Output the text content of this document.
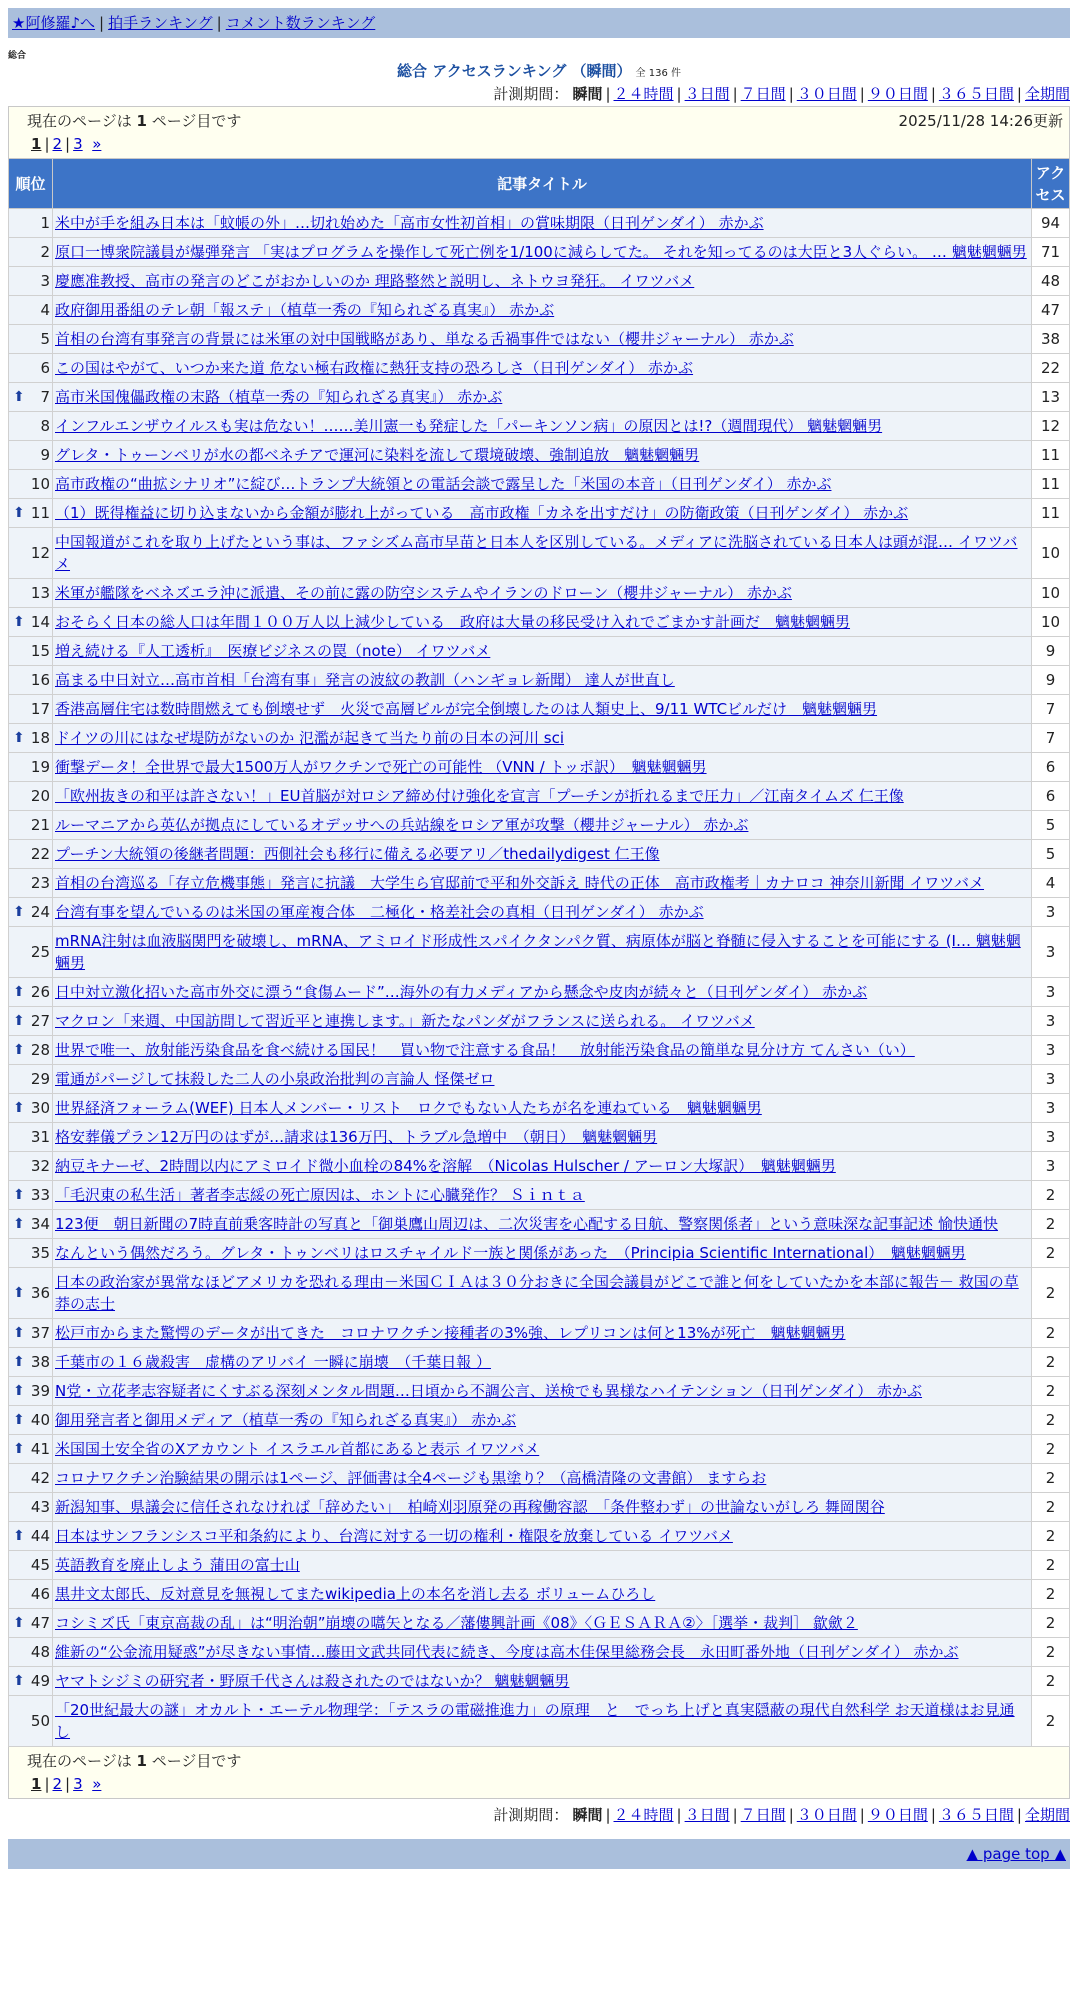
★阿修羅♪へ | 拍手ランキング | コメント数ランキング
総合
総合 アクセスランキング （瞬間） 全 136 件
計測期間： 瞬間 | ２４時間 | ３日間 | ７日間 | ３０日間 | ９０日間 | ３６５日間 | 全期間
現在のページは 1 ページ目です	2025/11/28 14:26更新
1 | 2 | 3 »
順位	記事タイトル	アクセス
1	米中が手を組み日本は「蚊帳の外」…切れ始めた「高市女性初首相」の賞味期限（日刊ゲンダイ） 赤かぶ	94
2	原口一博衆院議員が爆弾発言 「実はプログラムを操作して死亡例を1/100に減らしてた。 それを知ってるのは大臣と3人ぐらい。 … 魑魅魍魎男	71
3	慶應准教授、高市の発言のどこがおかしいのか 理路整然と説明し、ネトウヨ発狂。 イワツバメ	48
4	政府御用番組のテレ朝「報ステ」（植草一秀の『知られざる真実』） 赤かぶ	47
5	首相の台湾有事発言の背景には米軍の対中国戦略があり、単なる舌禍事件ではない（櫻井ジャーナル） 赤かぶ	38
6	この国はやがて、いつか来た道 危ない極右政権に熱狂支持の恐ろしさ（日刊ゲンダイ） 赤かぶ	22

⬆ 7	高市米国傀儡政権の末路（植草一秀の『知られざる真実』） 赤かぶ	13
8	インフルエンザウイルスも実は危ない！……美川憲一も発症した「パーキンソン病」の原因とは!?（週間現代） 魑魅魍魎男	12
9	グレタ・トゥーンベリが水の都ベネチアで運河に染料を流して環境破壊、強制追放　魑魅魍魎男	11
10	高市政権の“曲拡シナリオ”に綻び…トランプ大統領との電話会談で露呈した「米国の本音」（日刊ゲンダイ） 赤かぶ	11

⬆ 11	（1）既得権益に切り込まないから金額が膨れ上がっている　高市政権「カネを出すだけ」の防衛政策（日刊ゲンダイ） 赤かぶ	11
12	中国報道がこれを取り上げたという事は、ファシズム高市早苗と日本人を区別している。メディアに洗脳されている日本人は頭が混… イワツバメ	10
13	米軍が艦隊をベネズエラ沖に派遣、その前に露の防空システムやイランのドローン（櫻井ジャーナル） 赤かぶ	10

⬆ 14	おそらく日本の総人口は年間１００万人以上減少している　政府は大量の移民受け入れでごまかす計画だ　魑魅魍魎男	10
15	増え続ける『人工透析』　医療ビジネスの罠（note） イワツバメ	9
16	高まる中日対立…高市首相「台湾有事」発言の波紋の教訓（ハンギョレ新聞） 達人が世直し	9
17	香港高層住宅は数時間燃えても倒壊せず　火災で高層ビルが完全倒壊したのは人類史上、9/11 WTCビルだけ　魑魅魍魎男	7

⬆ 18	ドイツの川にはなぜ堤防がないのか 氾濫が起きて当たり前の日本の河川 sci	7
19	衝撃データ！全世界で最大1500万人がワクチンで死亡の可能性 （VNN / トッポ訳）　魑魅魍魎男	6
20	「欧州抜きの和平は許さない！」EU首脳が対ロシア締め付け強化を宣言「プーチンが折れるまで圧力」／江南タイムズ 仁王像	6
21	ルーマニアから英仏が拠点にしているオデッサへの兵站線をロシア軍が攻撃（櫻井ジャーナル） 赤かぶ	5
22	プーチン大統領の後継者問題：西側社会も移行に備える必要アリ／thedailydigest 仁王像	5
23	首相の台湾巡る「存立危機事態」発言に抗議　大学生ら官邸前で平和外交訴え 時代の正体　高市政権考｜カナロコ 神奈川新聞 イワツバメ	4

⬆ 24	台湾有事を望んでいるのは米国の軍産複合体　二極化・格差社会の真相（日刊ゲンダイ） 赤かぶ	3
25	mRNA注射は血液脳関門を破壊し、mRNA、アミロイド形成性スパイクタンパク質、病原体が脳と脊髄に侵入することを可能にする (I… 魑魅魍魎男	3

⬆ 26	日中対立激化招いた高市外交に漂う“食傷ムード”…海外の有力メディアから懸念や皮肉が続々と（日刊ゲンダイ） 赤かぶ	3

⬆ 27	マクロン「来週、中国訪問して習近平と連携します。」新たなパンダがフランスに送られる。 イワツバメ	3

⬆ 28	世界で唯一、放射能汚染食品を食べ続ける国民！　買い物で注意する食品！　放射能汚染食品の簡単な見分け方 てんさい（い）	3
29	電通がパージして抹殺した二人の小泉政治批判の言論人 怪傑ゼロ	3

⬆ 30	世界経済フォーラム(WEF) 日本人メンバー・リスト　ロクでもない人たちが名を連ねている　魑魅魍魎男	3
31	格安葬儀プラン12万円のはずが…請求は136万円、トラブル急増中　（朝日）　魑魅魍魎男	3
32	納豆キナーゼ、2時間以内にアミロイド微小血栓の84%を溶解　（Nicolas Hulscher / アーロン大塚訳）　魑魅魍魎男	3

⬆ 33	「毛沢東の私生活」著者李志綏の死亡原因は、ホントに心臓発作？ Ｓｉｎｔａ	2

⬆ 34	123便　朝日新聞の7時直前乗客時計の写真と「御巣鷹山周辺は、二次災害を心配する日航、警察関係者」という意味深な記事記述 愉快通快	2
35	なんという偶然だろう。グレタ・トゥンベリはロスチャイルド一族と関係があった　（Principia Scientific International）　魑魅魍魎男	2

⬆ 36	日本の政治家が異常なほどアメリカを恐れる理由－米国ＣＩＡは３０分おきに全国会議員がどこで誰と何をしていたかを本部に報告－ 救国の草莽の志士	2

⬆ 37	松戸市からまた驚愕のデータが出てきた　コロナワクチン接種者の3%強、レプリコンは何と13%が死亡　魑魅魍魎男	2

⬆ 38	千葉市の１６歳殺害　虚構のアリバイ 一瞬に崩壊　（千葉日報 ）	2

⬆ 39	N党・立花孝志容疑者にくすぶる深刻メンタル問題…日頃から不調公言、送検でも異様なハイテンション（日刊ゲンダイ） 赤かぶ	2

⬆ 40	御用発言者と御用メディア（植草一秀の『知られざる真実』） 赤かぶ	2

⬆ 41	米国国土安全省のXアカウント イスラエル首都にあると表示 イワツバメ	2
42	コロナワクチン治験結果の開示は1ページ、評価書は全4ページも黒塗り？（高橋清隆の文書館） ますらお	2
43	新潟知事、県議会に信任されなければ「辞めたい」　柏崎刈羽原発の再稼働容認　「条件整わず」の世論ないがしろ 舞岡関谷	2

⬆ 44	日本はサンフランシスコ平和条約により、台湾に対する一切の権利・権限を放棄している イワツバメ	2
45	英語教育を廃止しよう 蒲田の富士山	2
46	黒井文太郎氏、反対意見を無視してまたwikipedia上の本名を消し去る ボリュームひろし	2

⬆ 47	コシミズ氏「東京高裁の乱」は“明治朝”崩壊の嚆矢となる／藩僂興計画《08》〈ＧＥＳＡＲＡ②〉［選挙・裁判］ 歙歛２	2
48	維新の“公金流用疑惑”が尽きない事情…藤田文武共同代表に続き、今度は高木佳保里総務会長　永田町番外地（日刊ゲンダイ） 赤かぶ	2

⬆ 49	ヤマトシジミの研究者・野原千代さんは殺されたのではないか？ 魑魅魍魎男	2
50	「20世紀最大の謎」オカルト・エーテル物理学：「テスラの電磁推進力」の原理　と　でっち上げと真実隠蔽の現代自然科学 お天道様はお見通し	2
現在のページは 1 ページ目です
1 | 2 | 3 »
計測期間： 瞬間 | ２４時間 | ３日間 | ７日間 | ３０日間 | ９０日間 | ３６５日間 | 全期間
▲ page top ▲
